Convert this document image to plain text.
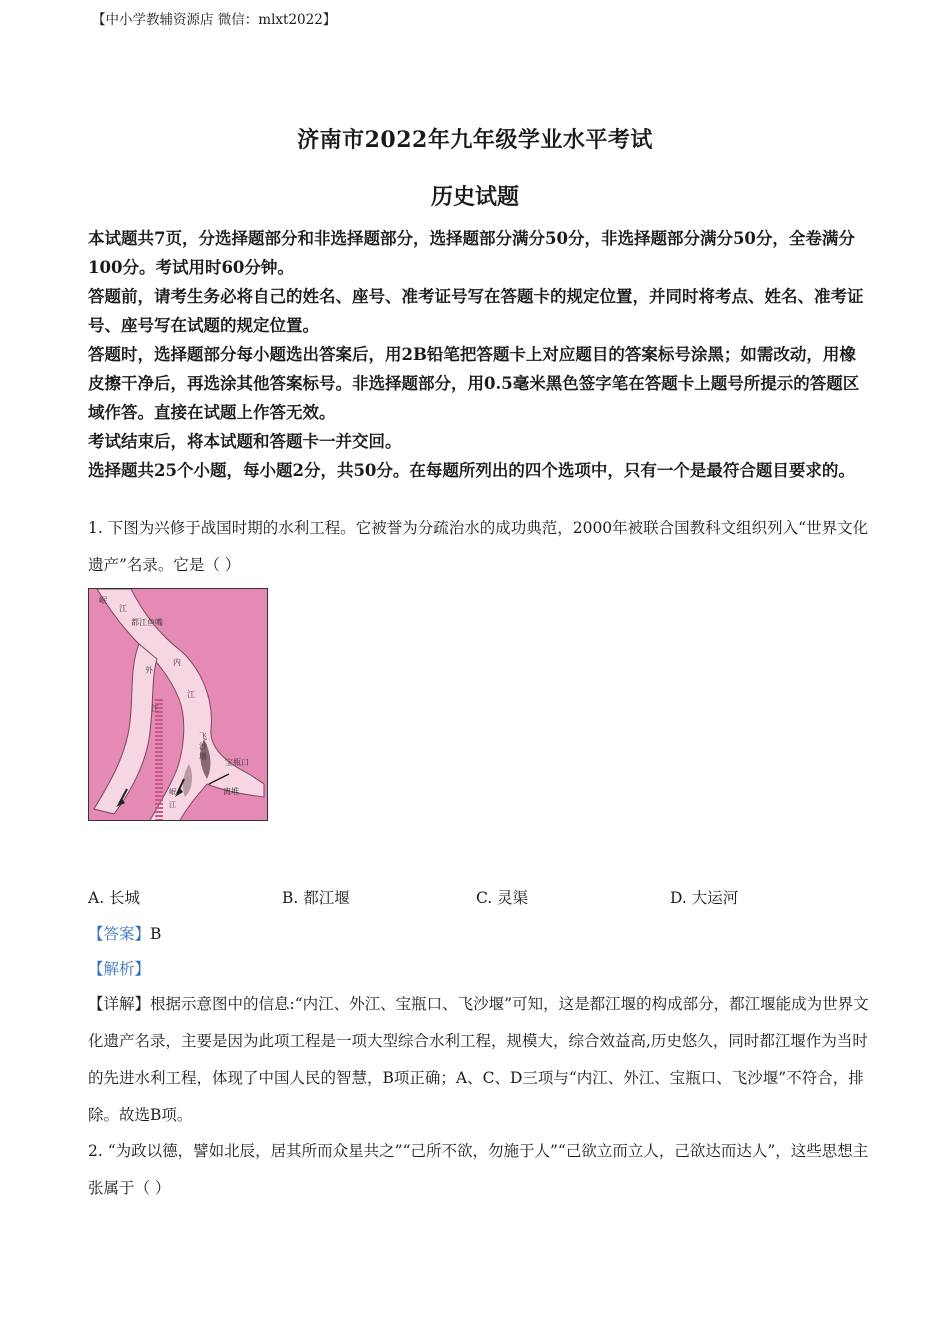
【中小学教辅资源店 微信：mlxt2022】
济南市2022年九年级学业水平考试
历史试题

本试题共7页，分选择题部分和非选择题部分，选择题部分满分50分，非选择题部分满分50分，全卷满分100分。考试用时60分钟。

答题前，请考生务必将自己的姓名、座号、准考证号写在答题卡的规定位置，并同时将考点、姓名、准考证号、座号写在试题的规定位置。

答题时，选择题部分每小题选出答案后，用2B铅笔把答题卡上对应题目的答案标号涂黑；如需改动，用橡皮擦干净后，再选涂其他答案标号。非选择题部分，用0.5毫米黑色签字笔在答题卡上题号所提示的答题区域作答。直接在试题上作答无效。

考试结束后，将本试题和答题卡一并交回。

选择题共25个小题，每小题2分，共50分。在每题所列出的四个选项中，只有一个是最符合题目要求的。

1. 下图为兴修于战国时期的水利工程。它被誉为分疏治水的成功典范，2000年被联合国教科文组织列入“世界文化遗产”名录。它是（ ）

岷
江
都江鱼嘴
外
内
江
江
飞
沙
堰
宝瓶口
离堆
岷
江
A. 长城	B. 都江堰	C. 灵渠	D. 大运河
【答案】B
【解析】

【详解】根据示意图中的信息:“内江、外江、宝瓶口、飞沙堰”可知，这是都江堰的构成部分，都江堰能成为世界文化遗产名录，主要是因为此项工程是一项大型综合水利工程，规模大，综合效益高,历史悠久，同时都江堰作为当时的先进水利工程，体现了中国人民的智慧，B项正确；A、C、D三项与“内江、外江、宝瓶口、飞沙堰”不符合，排除。故选B项。

2. “为政以德，譬如北辰，居其所而众星共之”“己所不欲，勿施于人”“己欲立而立人，己欲达而达人”，这些思想主张属于（ ）
